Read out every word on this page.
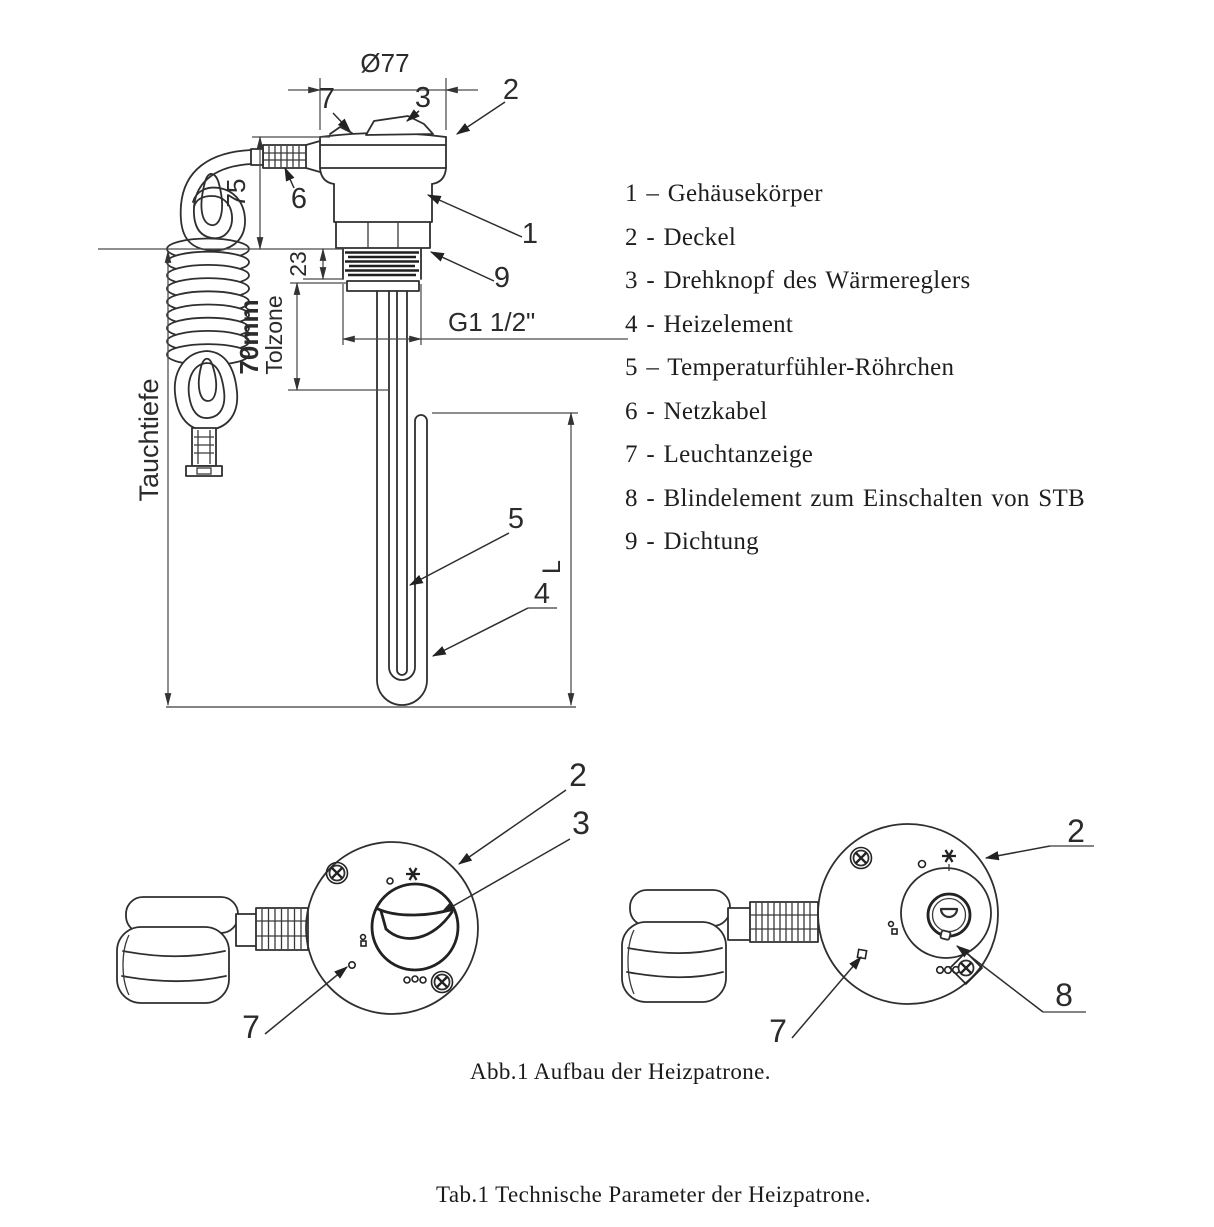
Ø77
75
Tauchtiefe
23
70mm
Tolzone
L
G1 1/2"
7	3 2
6
1
9
5
4
2
3
7
2
8
7
1 – Gehäusekörper
2 - Deckel
3 - Drehknopf des Wärmereglers
4 - Heizelement
5 – Temperaturfühler-Röhrchen
6 - Netzkabel
7 - Leuchtanzeige
8 - Blindelement zum Einschalten von STB
9 - Dichtung
Abb.1 Aufbau der Heizpatrone.
Tab.1 Technische Parameter der Heizpatrone.
